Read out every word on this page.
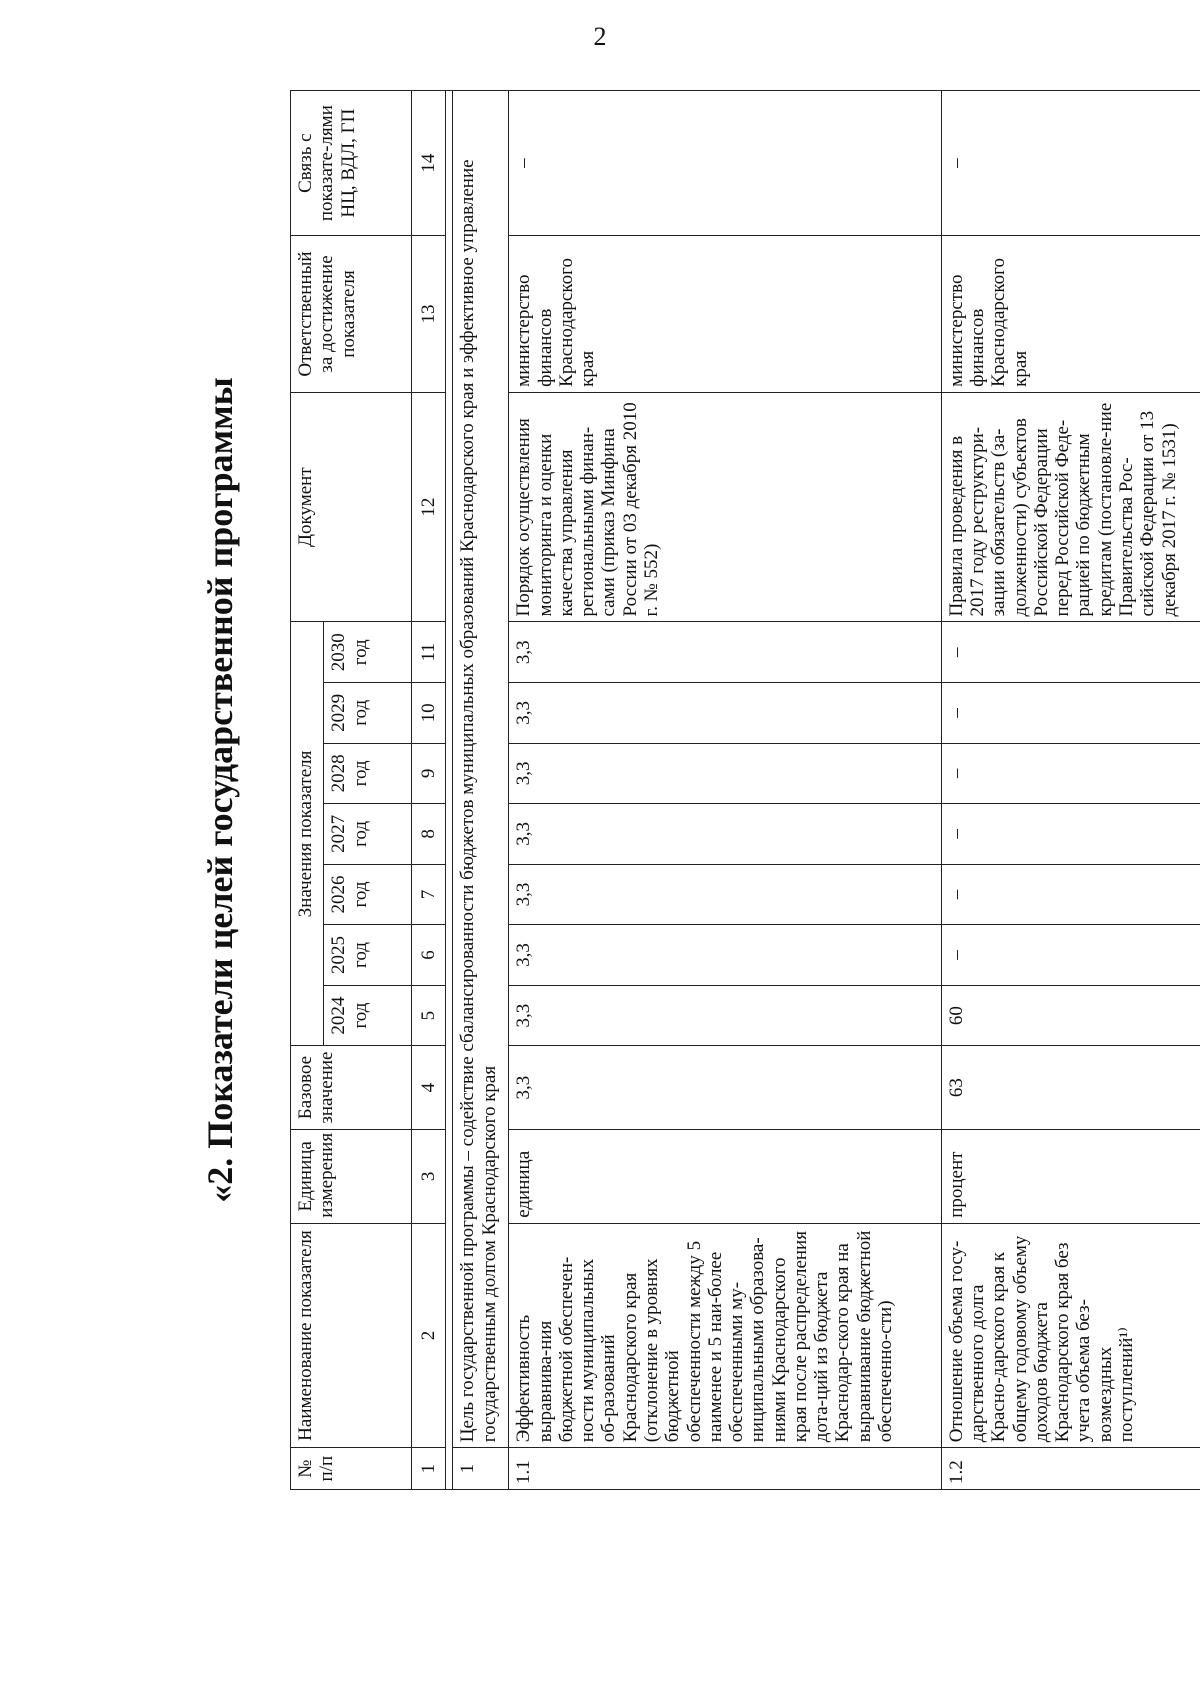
2
«2. Показатели целей государственной программы
№ п/п	Наименование показателя	Единица измерения	Базовое значение	Значения показателя							Документ	Ответственный за достижение показателя	Связь с показате-лями НЦ, ВДЛ, ГП
				2024 год	2025 год	2026 год	2027 год	2028 год	2029 год	2030 год			
1	2	3	4	5	6	7	8	9	10	11	12	13	14

1	Цель государственной программы – содействие сбалансированности бюджетов муниципальных образований Краснодарского края и эффективное управление государственным долгом Краснодарского края												
1.1	Эффективность выравнива-ния бюджетной обеспечен-ности муниципальных об-разований Краснодарского края (отклонение в уровнях бюджетной обеспеченности между 5 наименее и 5 наи-более обеспеченными му-ниципальными образова-ниями Краснодарского края после распределения дота-ций из бюджета Краснодар-ского края на выравнивание бюджетной обеспеченно-сти)	единица	3,3	3,3	3,3	3,3	3,3	3,3	3,3	3,3	Порядок осуществления мониторинга и оценки качества управления региональными финан-сами (приказ Минфина России от 03 декабря 2010 г. № 552)	министерство финансов Краснодарского края	–
1.2	Отношение объема госу-дарственного долга Красно-дарского края к общему годовому объему доходов бюджета Краснодарского края без учета объема без-возмездных поступлений¹⁾	процент	63	60	–	–	–	–	–	–	Правила проведения в 2017 году реструктури-зации обязательств (за-долженности) субъектов Российской Федерации перед Российской Феде-рацией по бюджетным кредитам (постановле-ние Правительства Рос-сийской Федерации от 13 декабря 2017 г. № 1531)	министерство финансов Краснодарского края	–
